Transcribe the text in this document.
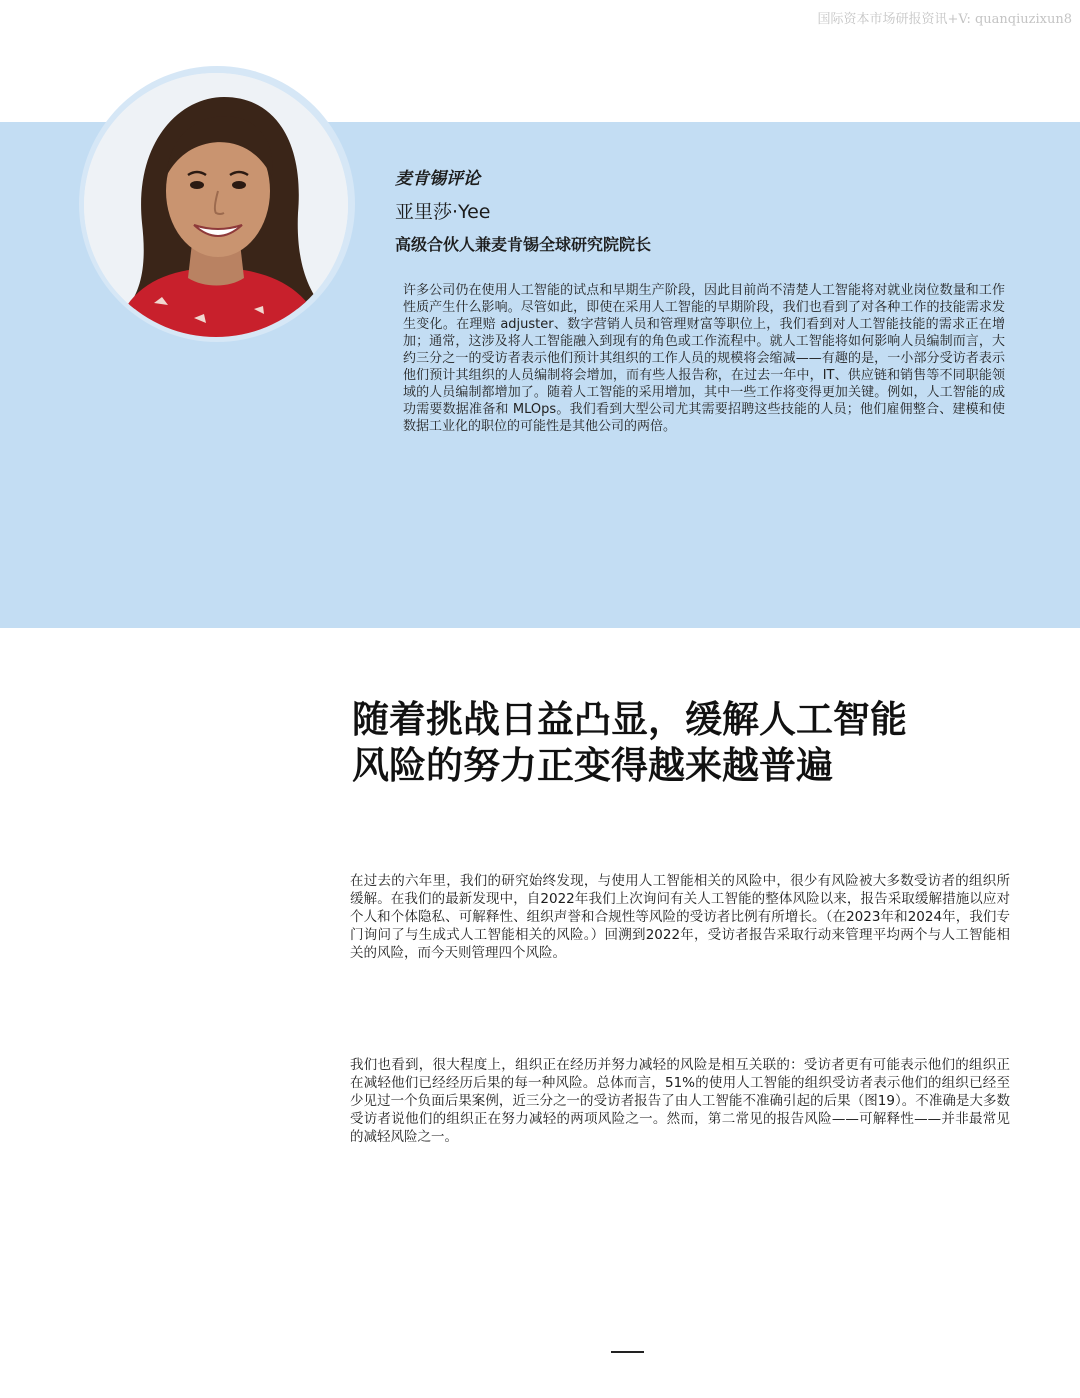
国际资本市场研报资讯+V: quanqiuzixun8
麦肯锡评论
亚里莎·Yee
高级合伙人兼麦肯锡全球研究院院长

许多公司仍在使用人工智能的试点和早期生产阶段，因此目前尚不清楚人工智能将对就业岗位数量和工作性质产生什么影响。尽管如此，即使在采用人工智能的早期阶段，我们也看到了对各种工作的技能需求发生变化。在理赔 adjuster、数字营销人员和管理财富等职位上，我们看到对人工智能技能的需求正在增加；通常，这涉及将人工智能融入到现有的角色或工作流程中。就人工智能将如何影响人员编制而言，大约三分之一的受访者表示他们预计其组织的工作人员的规模将会缩减——有趣的是，一小部分受访者表示他们预计其组织的人员编制将会增加，而有些人报告称，在过去一年中，IT、供应链和销售等不同职能领域的人员编制都增加了。随着人工智能的采用增加，其中一些工作将变得更加关键。例如，人工智能的成功需要数据准备和 MLOps。我们看到大型公司尤其需要招聘这些技能的人员；他们雇佣整合、建模和使数据工业化的职位的可能性是其他公司的两倍。

随着挑战日益凸显，缓解人工智能风险的努力正变得越来越普遍

在过去的六年里，我们的研究始终发现，与使用人工智能相关的风险中，很少有风险被大多数受访者的组织所缓解。在我们的最新发现中，自2022年我们上次询问有关人工智能的整体风险以来，报告采取缓解措施以应对个人和个体隐私、可解释性、组织声誉和合规性等风险的受访者比例有所增长。（在2023年和2024年，我们专门询问了与生成式人工智能相关的风险。）回溯到2022年，受访者报告采取行动来管理平均两个与人工智能相关的风险，而今天则管理四个风险。

我们也看到，很大程度上，组织正在经历并努力减轻的风险是相互关联的：受访者更有可能表示他们的组织正在减轻他们已经经历后果的每一种风险。总体而言，51%的使用人工智能的组织受访者表示他们的组织已经至少见过一个负面后果案例，近三分之一的受访者报告了由人工智能不准确引起的后果（图19）。不准确是大多数受访者说他们的组织正在努力减轻的两项风险之一。然而，第二常见的报告风险——可解释性——并非最常见的减轻风险之一。
